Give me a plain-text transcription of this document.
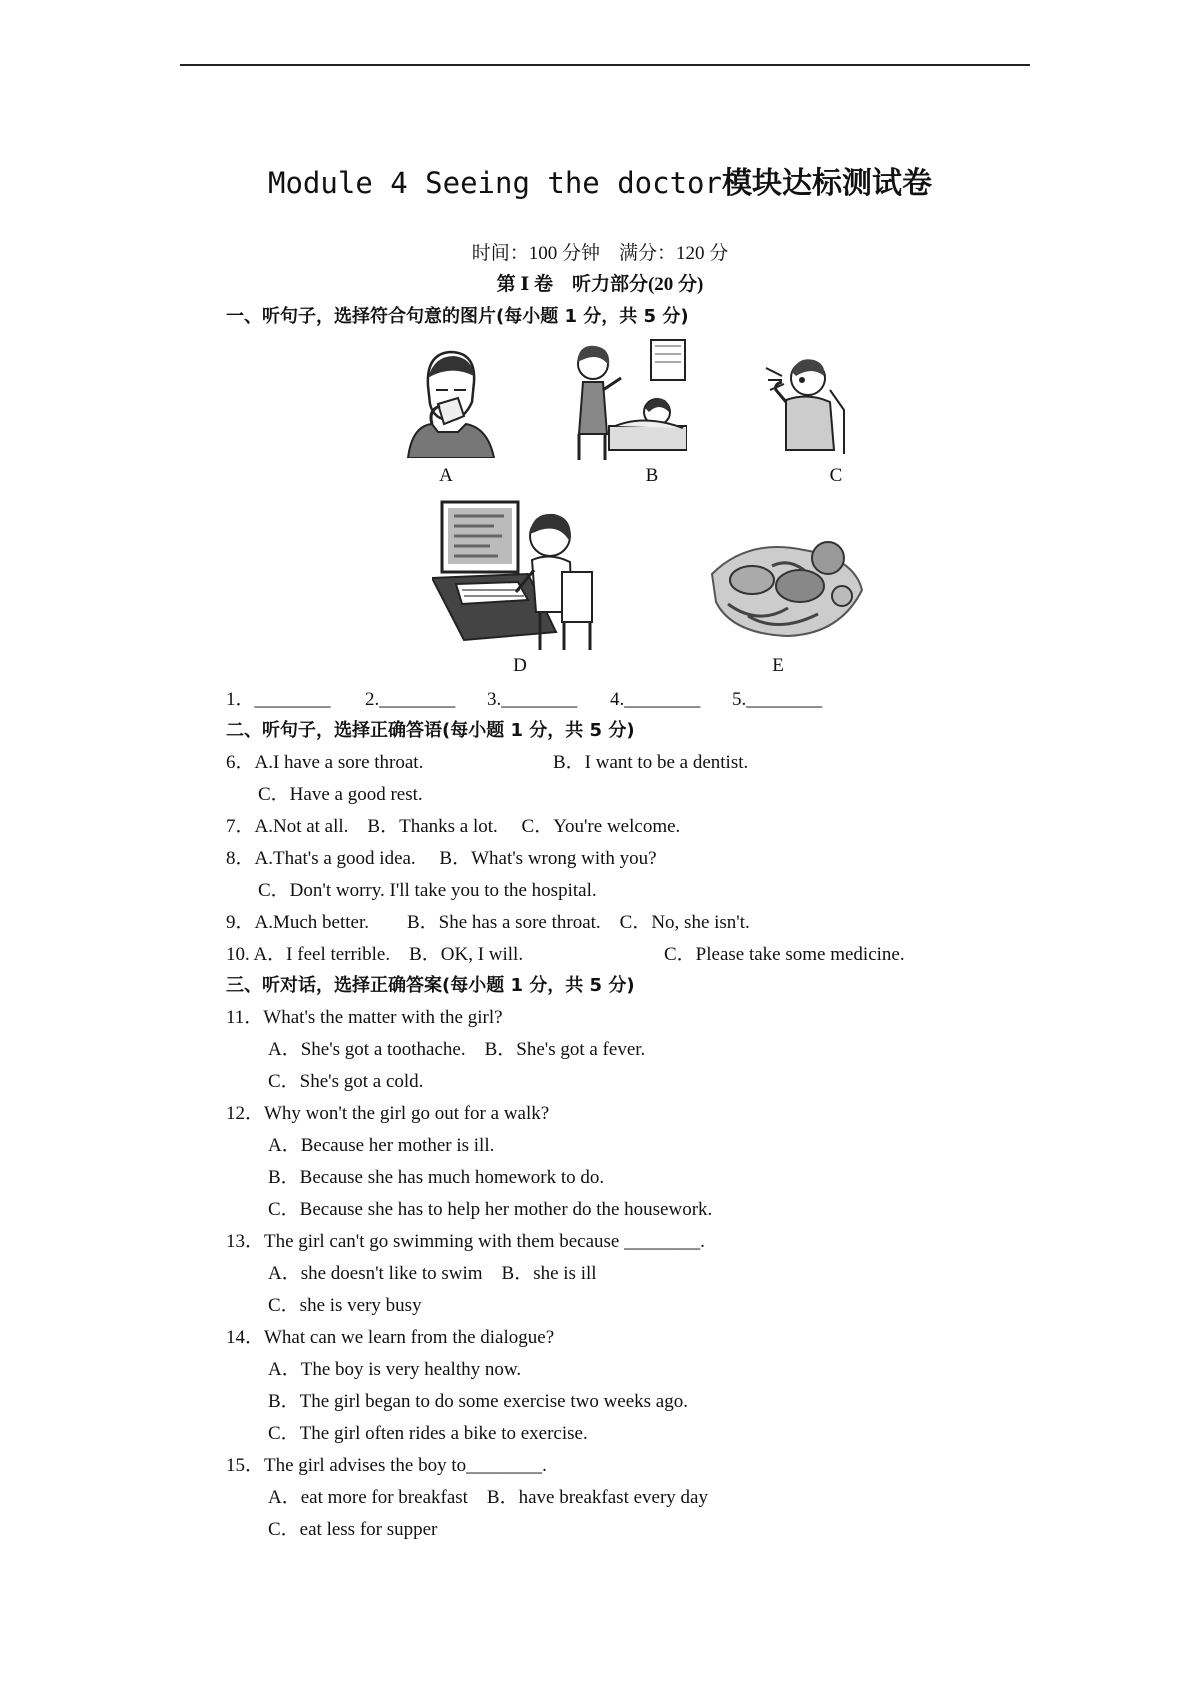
Module 4 Seeing the doctor模块达标测试卷
时间：100 分钟　满分：120 分
第 Ⅰ 卷　听力部分(20 分)
一、听句子，选择符合句意的图片(每小题 1 分，共 5 分)
A	B	C
D	E
1．________ 2.________ 3.________ 4.________ 5.________
二、听句子，选择正确答语(每小题 1 分，共 5 分)
6．A.I have a sore throat.	B．I want to be a dentist.
C．Have a good rest.
7．A.Not at all.　B．Thanks a lot.　 C．You're welcome.
8．A.That's a good idea.　 B．What's wrong with you?
C．Don't worry. I'll take you to the hospital.
9．A.Much better.　　B．She has a sore throat.　C．No, she isn't.
10. A．I feel terrible.　B．OK, I will.	C．Please take some medicine.
三、听对话，选择正确答案(每小题 1 分，共 5 分)
11．What's the matter with the girl?
A．She's got a toothache.　B．She's got a fever.
C．She's got a cold.
12．Why won't the girl go out for a walk?
A．Because her mother is ill.
B．Because she has much homework to do.
C．Because she has to help her mother do the housework.
13．The girl can't go swimming with them because ________.
A．she doesn't like to swim　B．she is ill
C．she is very busy
14．What can we learn from the dialogue?
A．The boy is very healthy now.
B．The girl began to do some exercise two weeks ago.
C．The girl often rides a bike to exercise.
15．The girl advises the boy to________.
A．eat more for breakfast　B．have breakfast every day
C．eat less for supper
